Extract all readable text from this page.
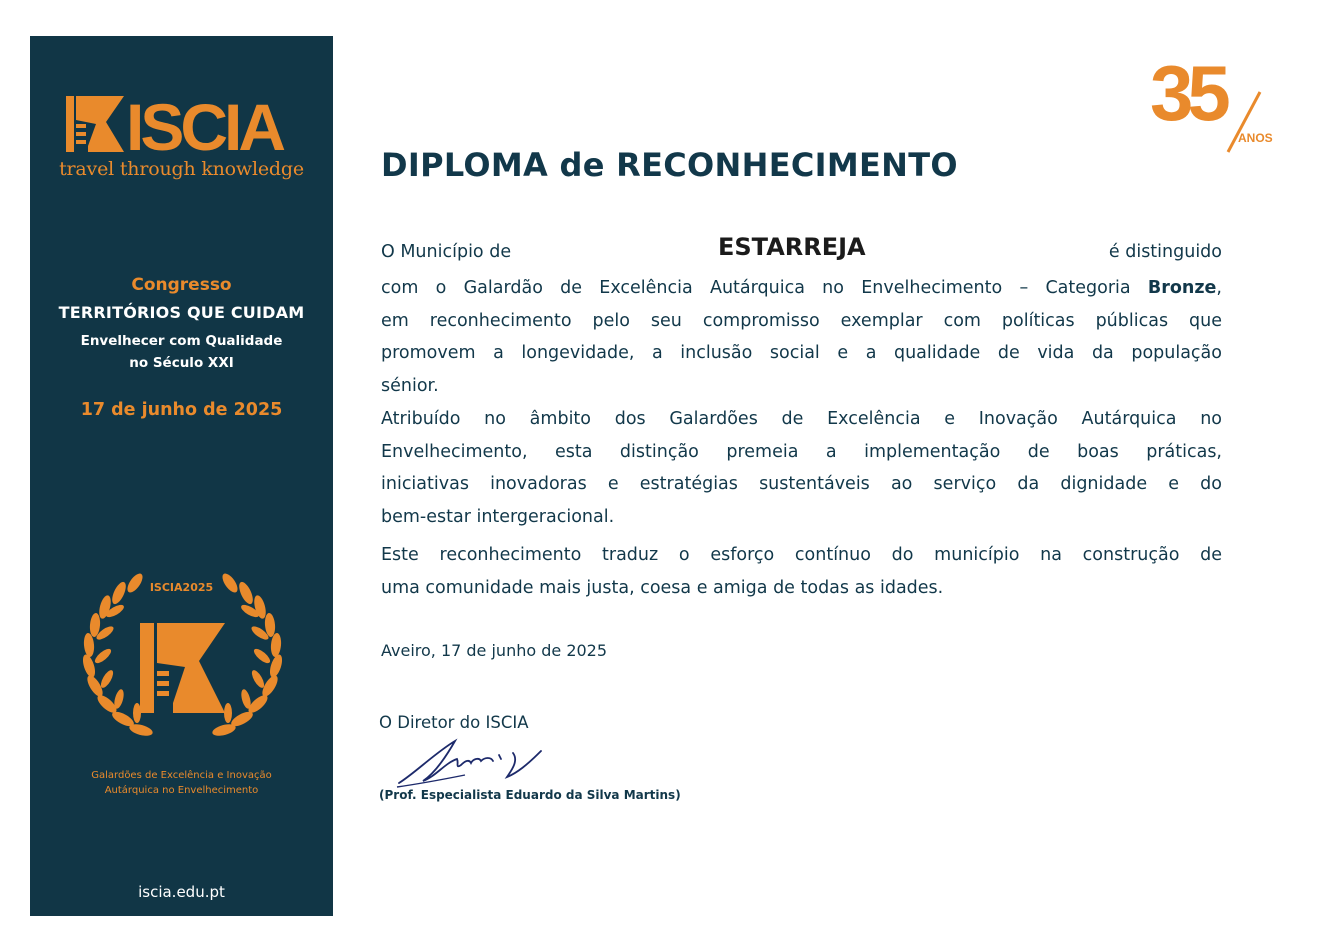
ISCIA
travel through knowledge
Congresso
TERRITÓRIOS QUE CUIDAM
Envelhecer com Qualidade
no Século XXI
17 de junho de 2025
ISCIA2025
Galardões de Excelência e Inovação
Autárquica no Envelhecimento
iscia.edu.pt
35
ANOS
DIPLOMA de RECONHECIMENTO
O Município de	ESTARREJA	é distinguido
com o Galardão de Excelência Autárquica no Envelhecimento – Categoria Bronze,
em reconhecimento pelo seu compromisso exemplar com políticas públicas que
promovem a longevidade, a inclusão social e a qualidade de vida da população
sénior.
Atribuído no âmbito dos Galardões de Excelência e Inovação Autárquica no
Envelhecimento, esta distinção premeia a implementação de boas práticas,
iniciativas inovadoras e estratégias sustentáveis ao serviço da dignidade e do
bem-estar intergeracional.
Este reconhecimento traduz o esforço contínuo do município na construção de
uma comunidade mais justa, coesa e amiga de todas as idades.
Aveiro, 17 de junho de 2025
O Diretor do ISCIA
(Prof. Especialista Eduardo da Silva Martins)
